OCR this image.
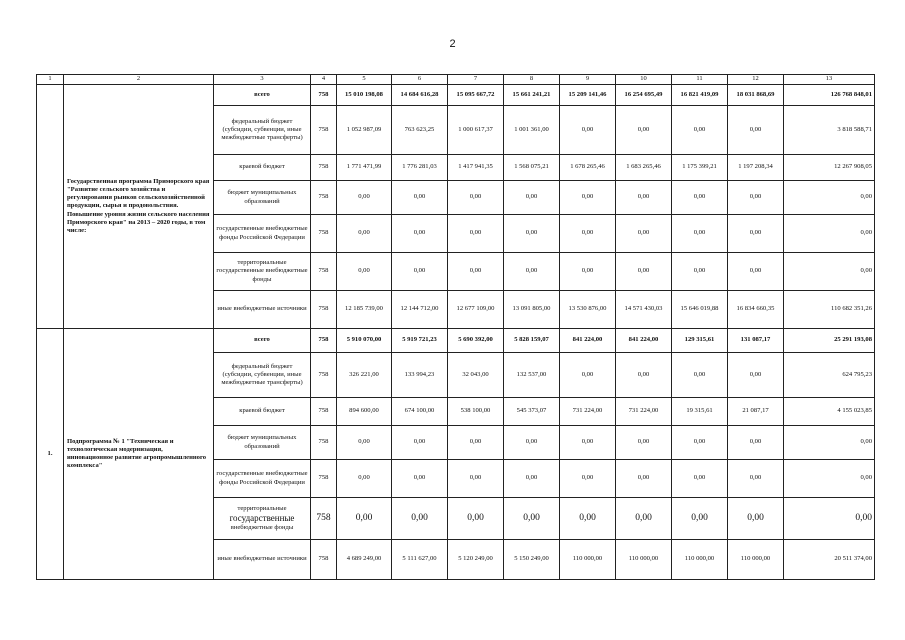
2
1	2	3	4	5	6	7	8	9	10	11	12	13
	Государственная программа Приморского края "Развитие сельского хозяйства и регулирования рынков сельскохозяйственной продукции, сырья и продовольствия. Повышение уровня жизни сельского населения Приморского края" на 2013 – 2020 годы, в том числе:	всего	758	15 010 198,08	14 684 616,28	15 095 667,72	15 661 241,21	15 209 141,46	16 254 695,49	16 821 419,09	18 031 868,69	126 768 848,01
		федеральный бюджет (субсидии, субвенции, иные межбюджетные трансферты)	758	1 052 987,09	763 623,25	1 000 617,37	1 001 361,00	0,00	0,00	0,00	0,00	3 818 588,71
		краевой бюджет	758	1 771 471,99	1 776 281,03	1 417 941,35	1 568 075,21	1 678 265,46	1 683 265,46	1 175 399,21	1 197 208,34	12 267 908,05
		бюджет муниципальных образований	758	0,00	0,00	0,00	0,00	0,00	0,00	0,00	0,00	0,00
		государственные внебюджетные фонды Российской Федерации	758	0,00	0,00	0,00	0,00	0,00	0,00	0,00	0,00	0,00
		территориальные государственные внебюджетные фонды	758	0,00	0,00	0,00	0,00	0,00	0,00	0,00	0,00	0,00
		иные внебюджетные источники	758	12 185 739,00	12 144 712,00	12 677 109,00	13 091 805,00	13 530 876,00	14 571 430,03	15 646 019,88	16 834 660,35	110 682 351,26
1.	Подпрограмма № 1 "Техническая и технологическая модернизация, инновационное развитие агропромышленного комплекса"	всего	758	5 910 070,00	5 919 721,23	5 690 392,00	5 828 159,07	841 224,00	841 224,00	129 315,61	131 087,17	25 291 193,08
		федеральный бюджет (субсидии, субвенции, иные межбюджетные трансферты)	758	326 221,00	133 994,23	32 043,00	132 537,00	0,00	0,00	0,00	0,00	624 795,23
		краевой бюджет	758	894 600,00	674 100,00	538 100,00	545 373,07	731 224,00	731 224,00	19 315,61	21 087,17	4 155 023,85
		бюджет муниципальных образований	758	0,00	0,00	0,00	0,00	0,00	0,00	0,00	0,00	0,00
		государственные внебюджетные фонды Российской Федерации	758	0,00	0,00	0,00	0,00	0,00	0,00	0,00	0,00	0,00
		территориальные
государственные
внебюджетные фонды	758	0,00	0,00	0,00	0,00	0,00	0,00	0,00	0,00	0,00
		иные внебюджетные источники	758	4 689 249,00	5 111 627,00	5 120 249,00	5 150 249,00	110 000,00	110 000,00	110 000,00	110 000,00	20 511 374,00
